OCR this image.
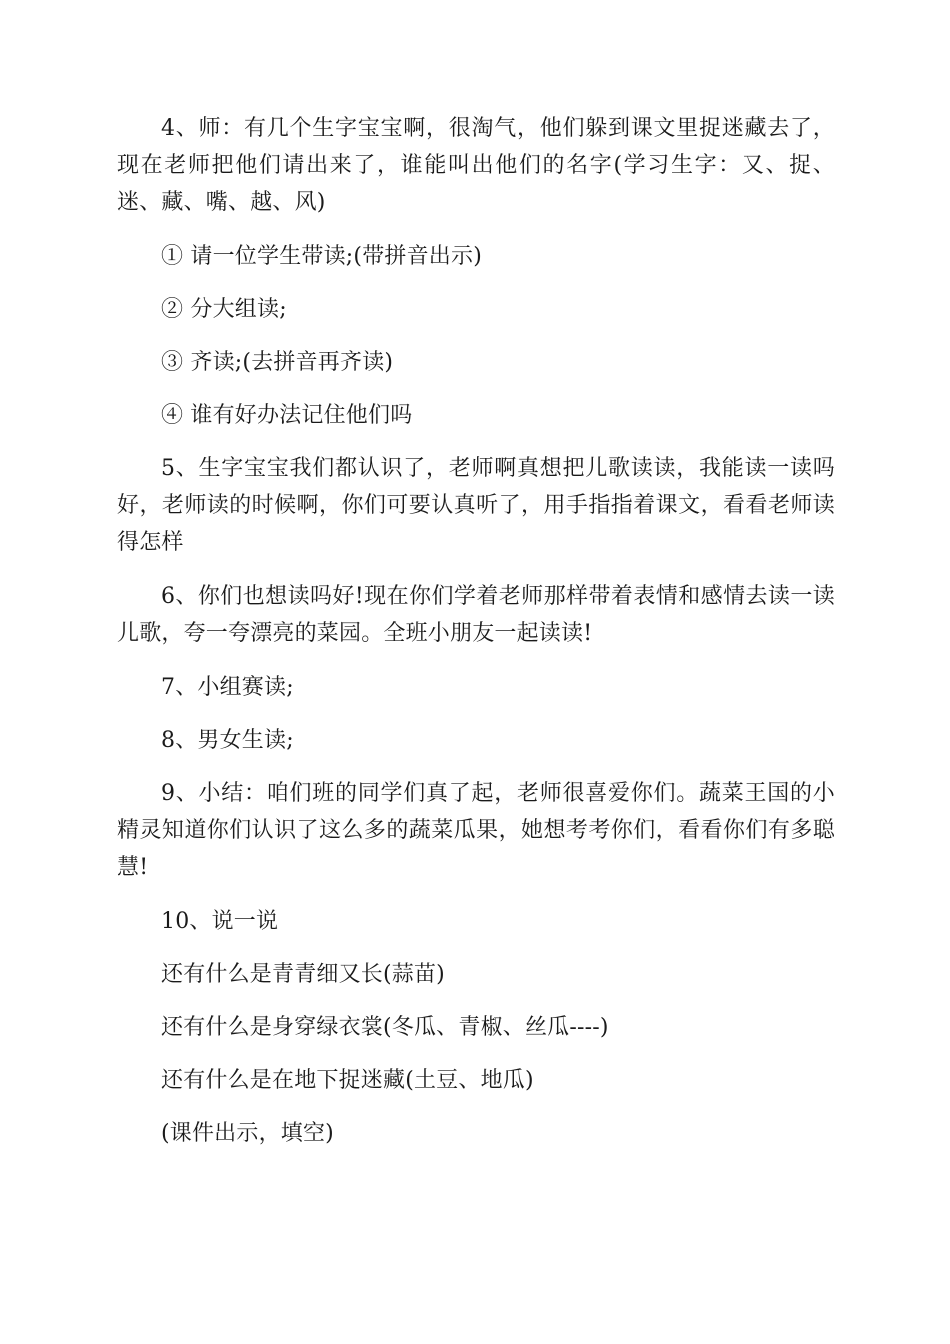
4、师：有几个生字宝宝啊，很淘气，他们躲到课文里捉迷藏去了，现在老师把他们请出来了，谁能叫出他们的名字(学习生字：又、捉、迷、藏、嘴、越、风)

① 请一位学生带读;(带拼音出示)

② 分大组读;

③ 齐读;(去拼音再齐读)

④ 谁有好办法记住他们吗

5、生字宝宝我们都认识了，老师啊真想把儿歌读读，我能读一读吗好，老师读的时候啊，你们可要认真听了，用手指指着课文，看看老师读得怎样

6、你们也想读吗好!现在你们学着老师那样带着表情和感情去读一读儿歌，夸一夸漂亮的菜园。全班小朋友一起读读!

7、小组赛读;

8、男女生读;

9、小结：咱们班的同学们真了起，老师很喜爱你们。蔬菜王国的小精灵知道你们认识了这么多的蔬菜瓜果，她想考考你们，看看你们有多聪慧!

10、说一说

还有什么是青青细又长(蒜苗)

还有什么是身穿绿衣裳(冬瓜、青椒、丝瓜----)

还有什么是在地下捉迷藏(土豆、地瓜)

(课件出示，填空)
